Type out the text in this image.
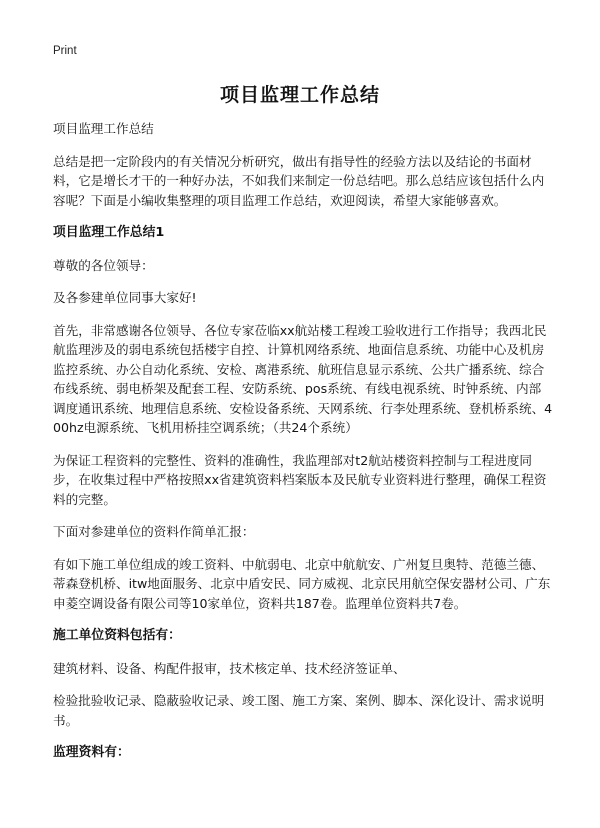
Print
项目监理工作总结

项目监理工作总结

总结是把一定阶段内的有关情况分析研究，做出有指导性的经验方法以及结论的书面材料，它是增长才干的一种好办法，不如我们来制定一份总结吧。那么总结应该包括什么内容呢？下面是小编收集整理的项目监理工作总结，欢迎阅读，希望大家能够喜欢。

项目监理工作总结1

尊敬的各位领导：

及各参建单位同事大家好!

首先，非常感谢各位领导、各位专家莅临xx航站楼工程竣工验收进行工作指导；我西北民航监理涉及的弱电系统包括楼宇自控、计算机网络系统、地面信息系统、功能中心及机房监控系统、办公自动化系统、安检、离港系统、航班信息显示系统、公共广播系统、综合布线系统、弱电桥架及配套工程、安防系统、pos系统、有线电视系统、时钟系统、内部调度通讯系统、地理信息系统、安检设备系统、天网系统、行李处理系统、登机桥系统、400hz电源系统、飞机用桥挂空调系统；（共24个系统）

为保证工程资料的完整性、资料的准确性，我监理部对t2航站楼资料控制与工程进度同步，在收集过程中严格按照xx省建筑资料档案版本及民航专业资料进行整理，确保工程资料的完整。

下面对参建单位的资料作简单汇报：

有如下施工单位组成的竣工资料、中航弱电、北京中航航安、广州复旦奥特、范德兰德、蒂森登机桥、itw地面服务、北京中盾安民、同方威视、北京民用航空保安器材公司、广东申菱空调设备有限公司等10家单位，资料共187卷。监理单位资料共7卷。

施工单位资料包括有：

建筑材料、设备、构配件报审，技术核定单、技术经济签证单、

检验批验收记录、隐蔽验收记录、竣工图、施工方案、案例、脚本、深化设计、需求说明书。

监理资料有：
